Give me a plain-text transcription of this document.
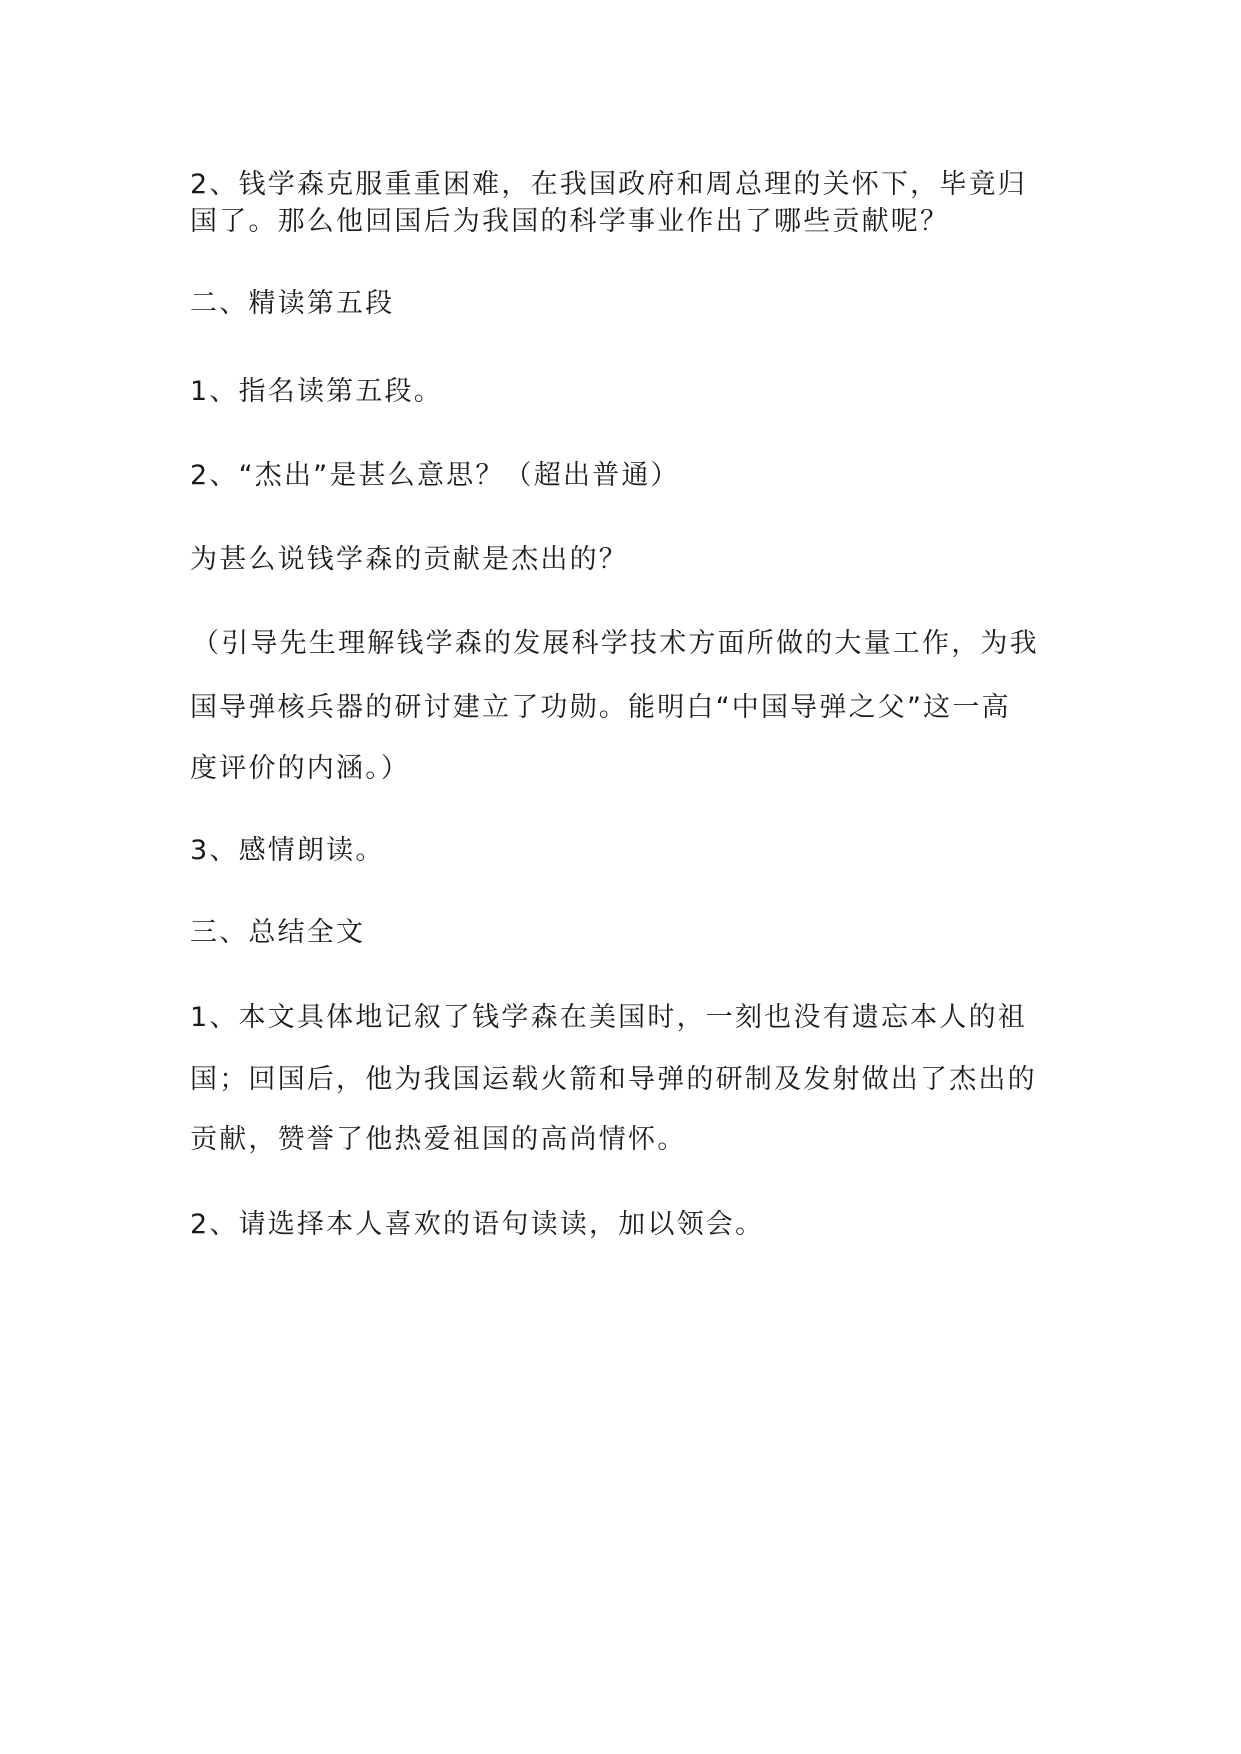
2、钱学森克服重重困难，在我国政府和周总理的关怀下，毕竟归
国了。那么他回国后为我国的科学事业作出了哪些贡献呢？
二、精读第五段
1、指名读第五段。
2、“杰出”是甚么意思？（超出普通）
为甚么说钱学森的贡献是杰出的？
（引导先生理解钱学森的发展科学技术方面所做的大量工作，为我
国导弹核兵器的研讨建立了功勋。能明白“中国导弹之父”这一高
度评价的内涵。）
3、感情朗读。
三、总结全文
1、本文具体地记叙了钱学森在美国时，一刻也没有遗忘本人的祖
国；回国后，他为我国运载火箭和导弹的研制及发射做出了杰出的
贡献，赞誉了他热爱祖国的高尚情怀。
2、请选择本人喜欢的语句读读，加以领会。
